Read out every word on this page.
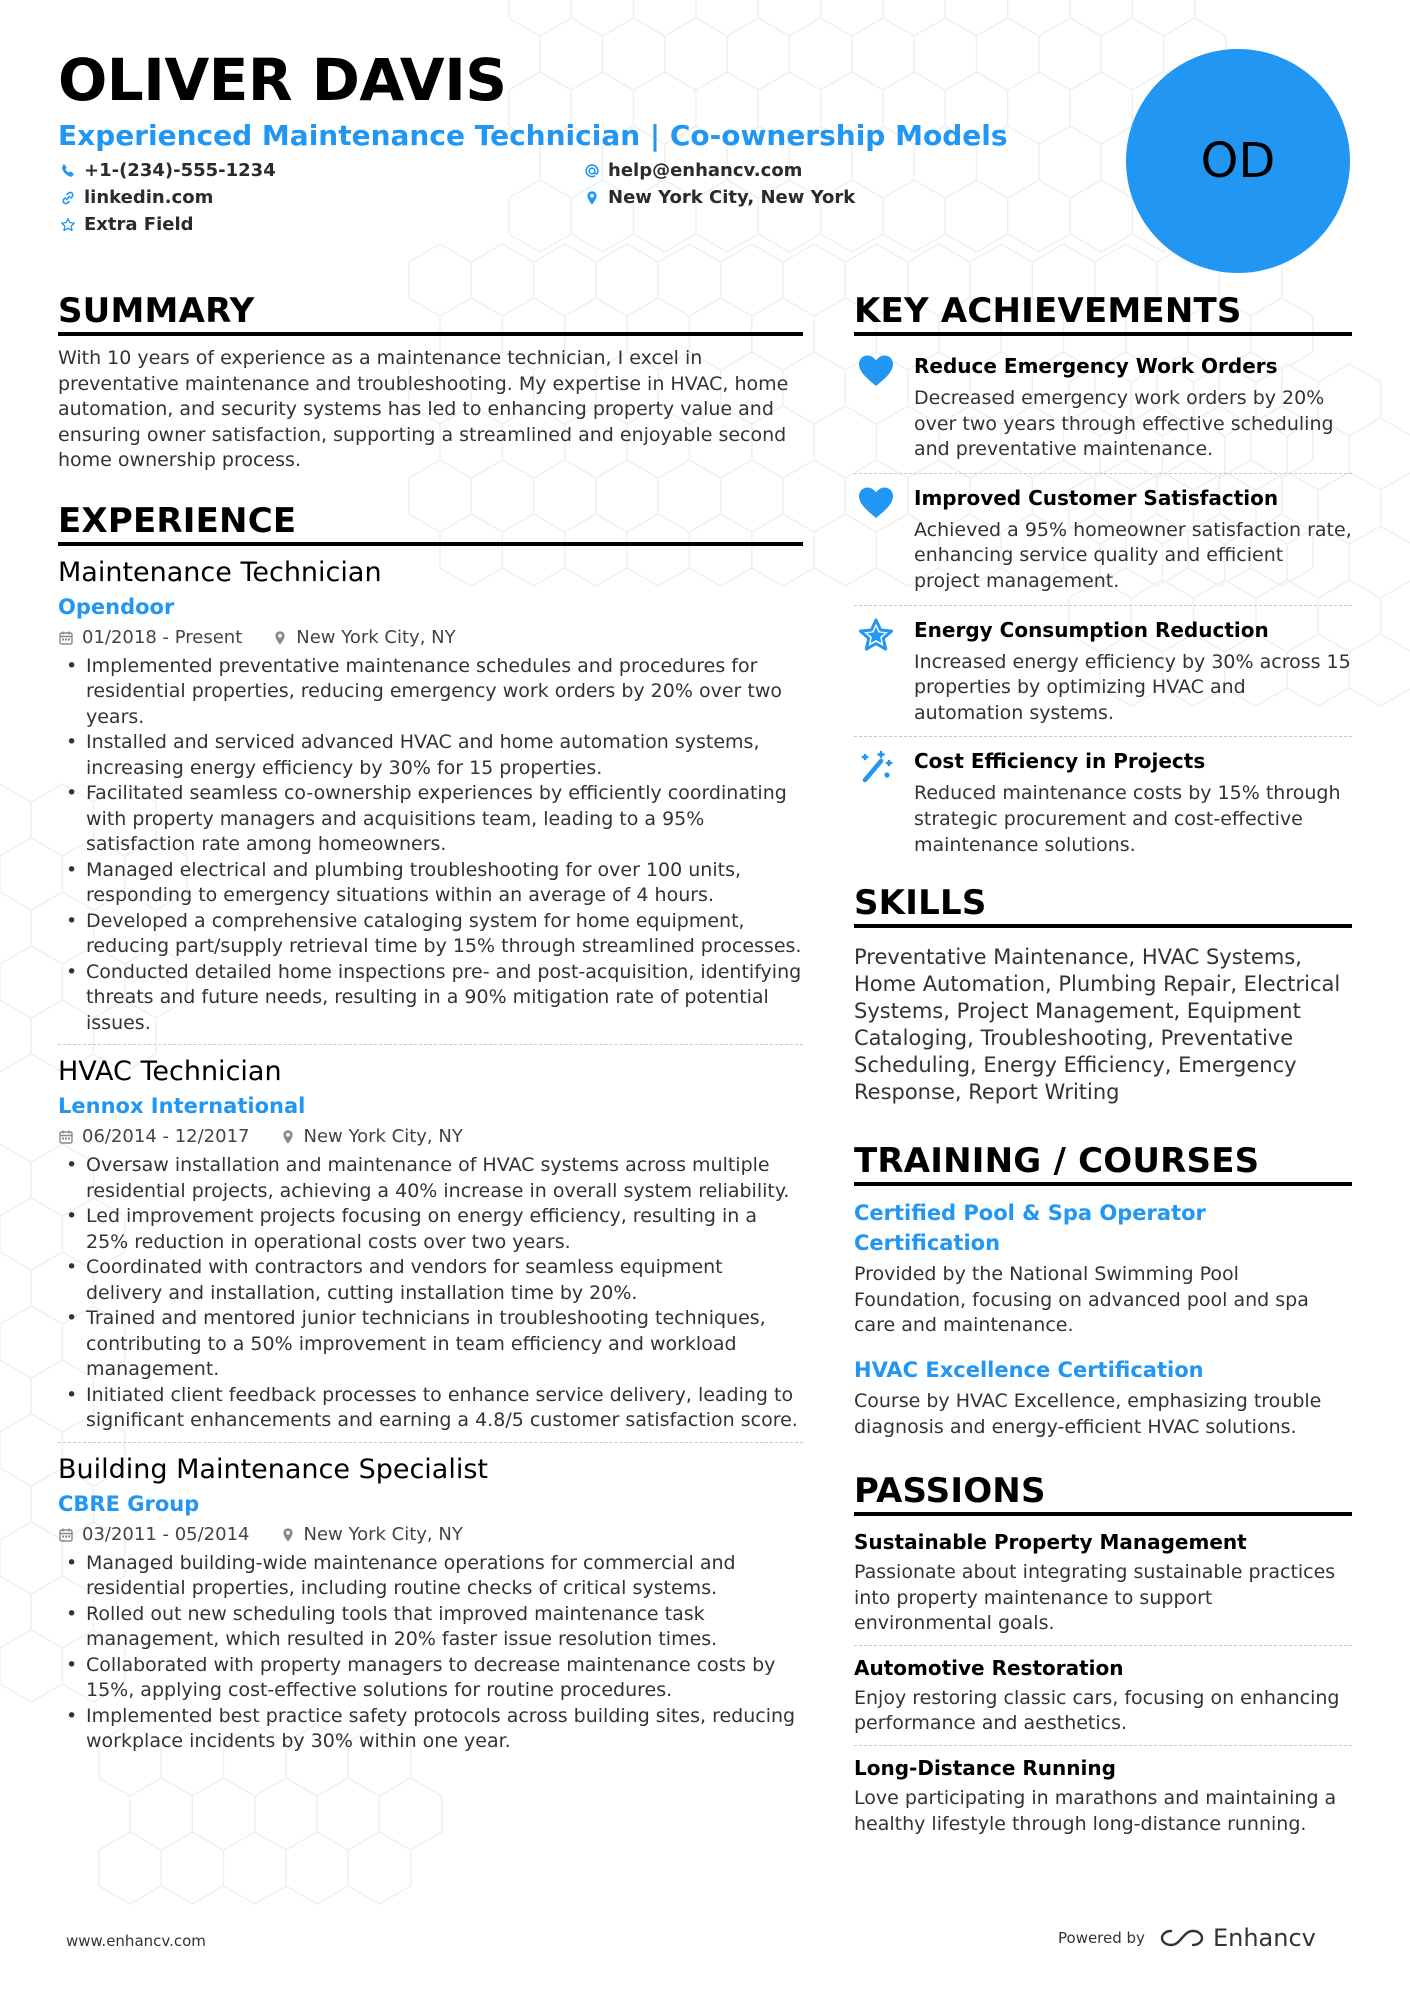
OLIVER DAVIS
Experienced Maintenance Technician | Co-ownership Models
+1-(234)-555-1234	help@enhancv.com
linkedin.com	New York City, New York
Extra Field
OD
SUMMARY
With 10 years of experience as a maintenance technician, I excel in preventative maintenance and troubleshooting. My expertise in HVAC, home automation, and security systems has led to enhancing property value and ensuring owner satisfaction, supporting a streamlined and enjoyable second home ownership process.
EXPERIENCE
Maintenance Technician
Opendoor
01/2018 - Present	New York City, NY
• Implemented preventative maintenance schedules and procedures for residential properties, reducing emergency work orders by 20% over two years.
• Installed and serviced advanced HVAC and home automation systems, increasing energy efficiency by 30% for 15 properties.
• Facilitated seamless co-ownership experiences by efficiently coordinating with property managers and acquisitions team, leading to a 95% satisfaction rate among homeowners.
• Managed electrical and plumbing troubleshooting for over 100 units, responding to emergency situations within an average of 4 hours.
• Developed a comprehensive cataloging system for home equipment, reducing part/supply retrieval time by 15% through streamlined processes.
• Conducted detailed home inspections pre- and post-acquisition, identifying threats and future needs, resulting in a 90% mitigation rate of potential issues.
HVAC Technician
Lennox International
06/2014 - 12/2017	New York City, NY
• Oversaw installation and maintenance of HVAC systems across multiple residential projects, achieving a 40% increase in overall system reliability.
• Led improvement projects focusing on energy efficiency, resulting in a 25% reduction in operational costs over two years.
• Coordinated with contractors and vendors for seamless equipment delivery and installation, cutting installation time by 20%.
• Trained and mentored junior technicians in troubleshooting techniques, contributing to a 50% improvement in team efficiency and workload management.
• Initiated client feedback processes to enhance service delivery, leading to significant enhancements and earning a 4.8/5 customer satisfaction score.
Building Maintenance Specialist
CBRE Group
03/2011 - 05/2014	New York City, NY
• Managed building-wide maintenance operations for commercial and residential properties, including routine checks of critical systems.
• Rolled out new scheduling tools that improved maintenance task management, which resulted in 20% faster issue resolution times.
• Collaborated with property managers to decrease maintenance costs by 15%, applying cost-effective solutions for routine procedures.
• Implemented best practice safety protocols across building sites, reducing workplace incidents by 30% within one year.
KEY ACHIEVEMENTS
Reduce Emergency Work Orders
Decreased emergency work orders by 20% over two years through effective scheduling and preventative maintenance.
Improved Customer Satisfaction
Achieved a 95% homeowner satisfaction rate, enhancing service quality and efficient project management.
Energy Consumption Reduction
Increased energy efficiency by 30% across 15 properties by optimizing HVAC and automation systems.
Cost Efficiency in Projects
Reduced maintenance costs by 15% through strategic procurement and cost-effective maintenance solutions.
SKILLS
Preventative Maintenance, HVAC Systems, Home Automation, Plumbing Repair, Electrical Systems, Project Management, Equipment Cataloging, Troubleshooting, Preventative Scheduling, Energy Efficiency, Emergency Response, Report Writing
TRAINING / COURSES
Certified Pool & Spa Operator Certification
Provided by the National Swimming Pool Foundation, focusing on advanced pool and spa care and maintenance.
HVAC Excellence Certification
Course by HVAC Excellence, emphasizing trouble diagnosis and energy-efficient HVAC solutions.
PASSIONS
Sustainable Property Management
Passionate about integrating sustainable practices into property maintenance to support environmental goals.
Automotive Restoration
Enjoy restoring classic cars, focusing on enhancing performance and aesthetics.
Long-Distance Running
Love participating in marathons and maintaining a healthy lifestyle through long-distance running.
www.enhancv.com	Powered by	Enhancv
